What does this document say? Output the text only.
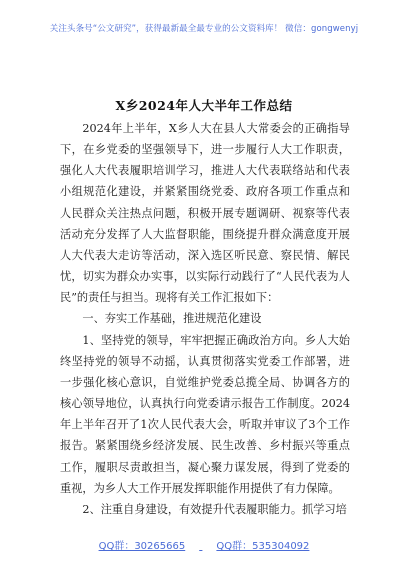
关注头条号“公文研究”，获得最新最全最专业的公文资料库！ 微信：gongwenyj
X乡2024年人大半年工作总结

2024年上半年，X乡人大在县人大常委会的正确指导下，在乡党委的坚强领导下，进一步履行人大工作职责，强化人大代表履职培训学习，推进人大代表联络站和代表小组规范化建设，并紧紧围绕党委、政府各项工作重点和人民群众关注热点问题，积极开展专题调研、视察等代表活动充分发挥了人大监督职能，围绕提升群众满意度开展人大代表大走访等活动，深入选区听民意、察民情、解民忧，切实为群众办实事，以实际行动践行了“人民代表为人民”的责任与担当。现将有关工作汇报如下：

一、夯实工作基础，推进规范化建设

1、坚持党的领导，牢牢把握正确政治方向。乡人大始终坚持党的领导不动摇，认真贯彻落实党委工作部署，进一步强化核心意识，自觉维护党委总揽全局、协调各方的核心领导地位，认真执行向党委请示报告工作制度。2024年上半年召开了1次人民代表大会，听取并审议了3个工作报告。紧紧围绕乡经济发展、民生改善、乡村振兴等重点工作，履职尽责敢担当，凝心聚力谋发展，得到了党委的重视，为乡人大工作开展发挥职能作用提供了有力保障。

2、注重自身建设，有效提升代表履职能力。抓学习培

QQ群：30265665	QQ群：535304092
